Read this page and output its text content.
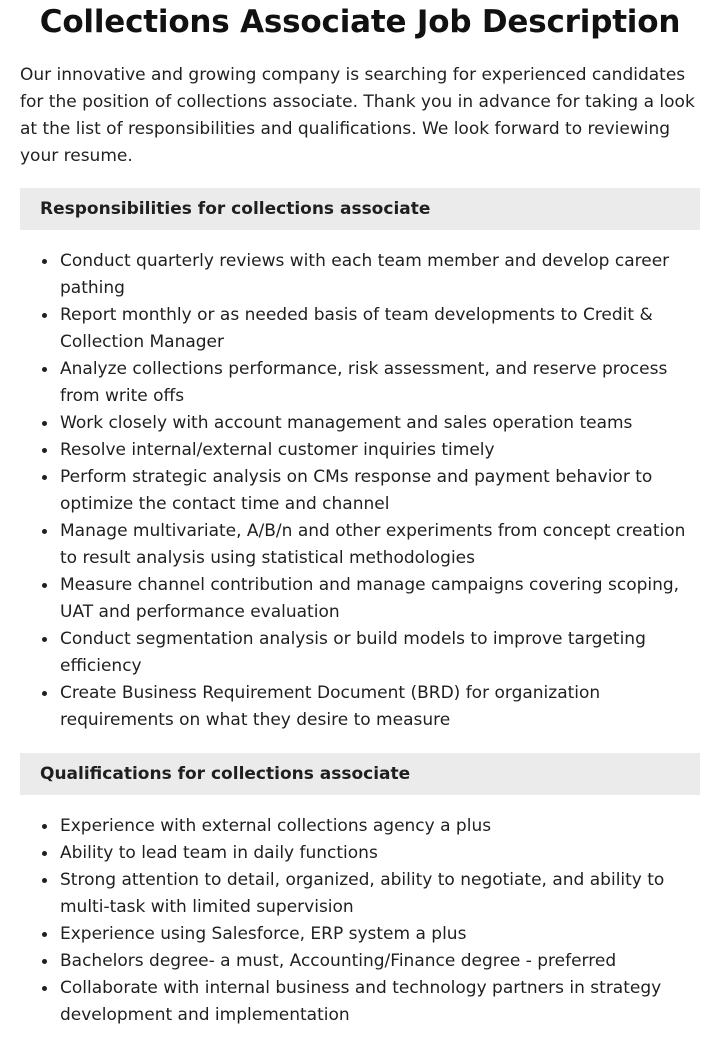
Collections Associate Job Description

Our innovative and growing company is searching for experienced candidates for the position of collections associate. Thank you in advance for taking a look at the list of responsibilities and qualifications. We look forward to reviewing your resume.

Responsibilities for collections associate
Conduct quarterly reviews with each team member and develop career pathing
Report monthly or as needed basis of team developments to Credit & Collection Manager
Analyze collections performance, risk assessment, and reserve process from write offs
Work closely with account management and sales operation teams
Resolve internal/external customer inquiries timely
Perform strategic analysis on CMs response and payment behavior to optimize the contact time and channel
Manage multivariate, A/B/n and other experiments from concept creation to result analysis using statistical methodologies
Measure channel contribution and manage campaigns covering scoping, UAT and performance evaluation
Conduct segmentation analysis or build models to improve targeting efficiency
Create Business Requirement Document (BRD) for organization requirements on what they desire to measure
Qualifications for collections associate
Experience with external collections agency a plus
Ability to lead team in daily functions
Strong attention to detail, organized, ability to negotiate, and ability to multi-task with limited supervision
Experience using Salesforce, ERP system a plus
Bachelors degree- a must, Accounting/Finance degree - preferred
Collaborate with internal business and technology partners in strategy development and implementation
